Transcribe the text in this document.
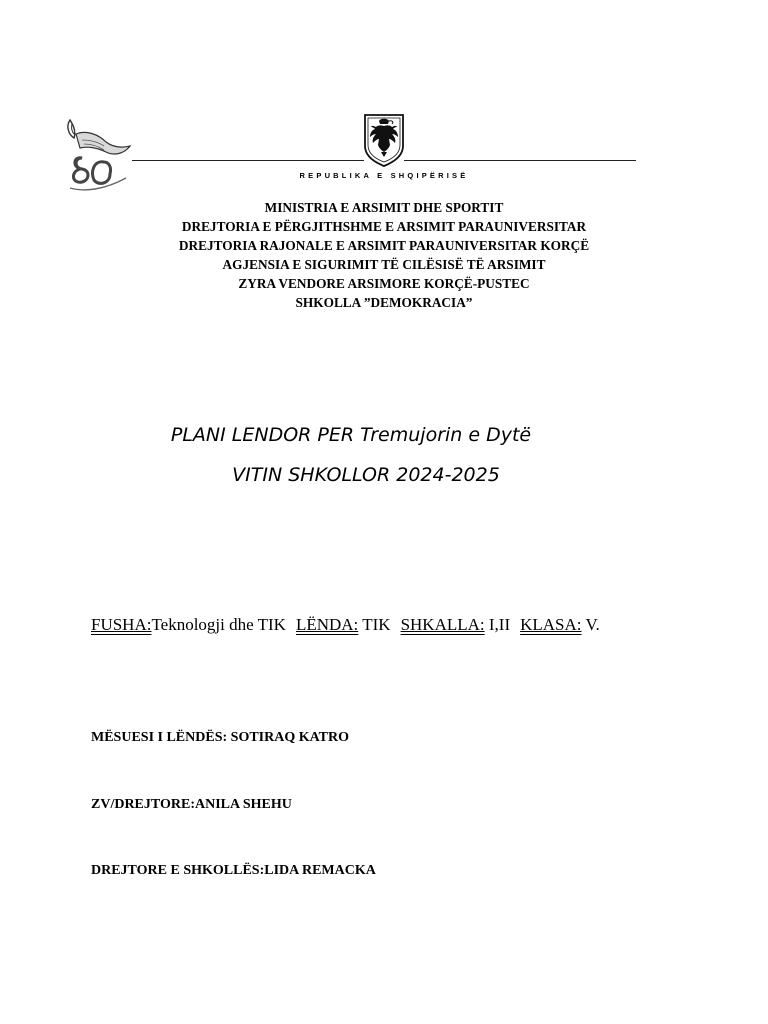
REPUBLIKA E SHQIPËRISË
MINISTRIA E ARSIMIT DHE SPORTIT
DREJTORIA E PËRGJITHSHME E ARSIMIT PARAUNIVERSITAR
DREJTORIA RAJONALE E ARSIMIT PARAUNIVERSITAR KORÇË
AGJENSIA E SIGURIMIT TË CILËSISË TË ARSIMIT
ZYRA VENDORE ARSIMORE KORÇË-PUSTEC
SHKOLLA ”DEMOKRACIA”
PLANI LENDOR PER Tremujorin e Dytë
VITIN SHKOLLOR 2024-2025
FUSHA:Teknologji dhe TIK LËNDA: TIK SHKALLA: I,II KLASA: V.
MËSUESI I LËNDËS: SOTIRAQ KATRO
ZV/DREJTORE:ANILA SHEHU
DREJTORE E SHKOLLËS:LIDA REMACKA
